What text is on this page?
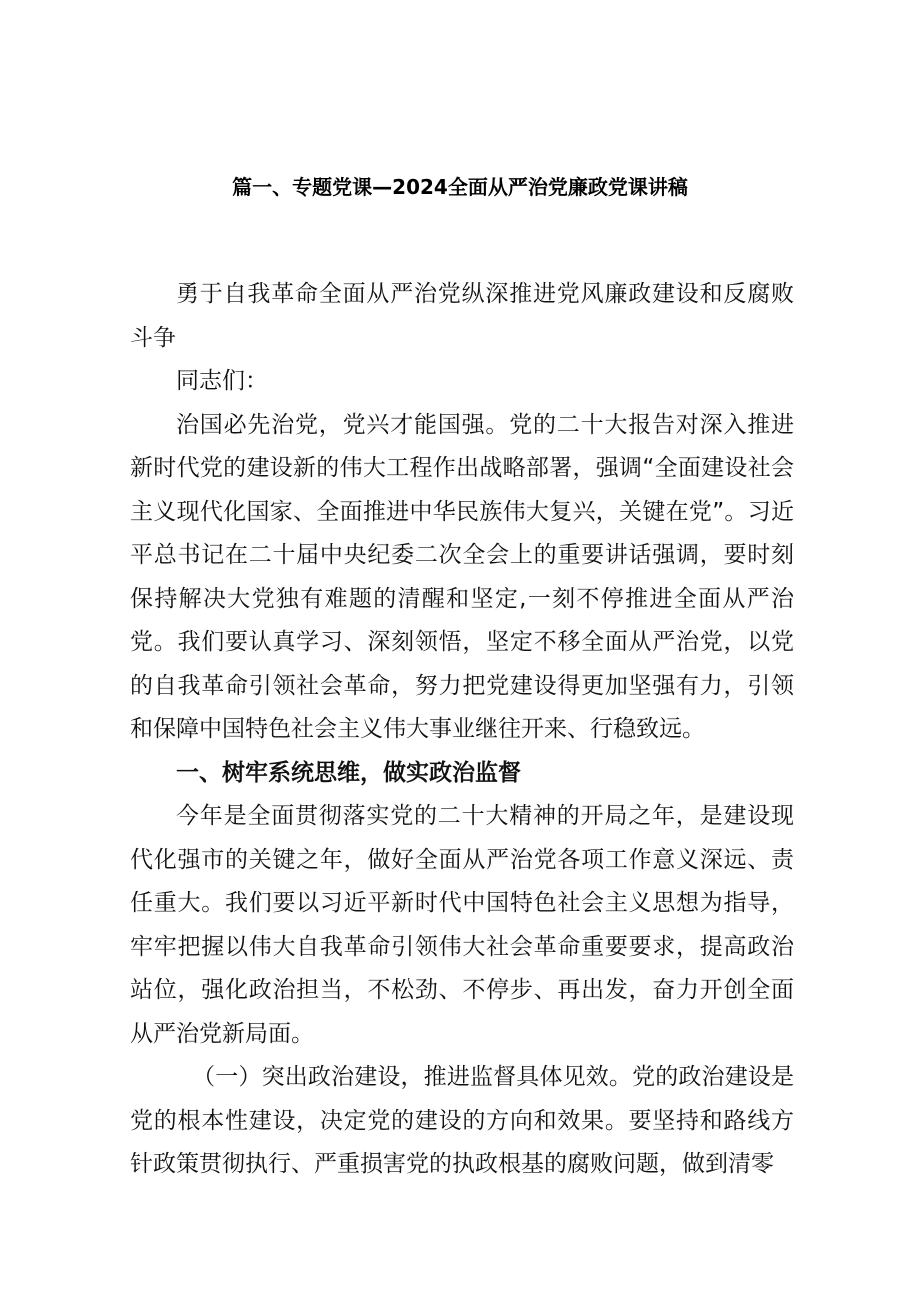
篇一、专题党课—2024全面从严治党廉政党课讲稿

勇于自我革命全面从严治党纵深推进党风廉政建设和反腐败斗争

同志们：

治国必先治党，党兴才能国强。党的二十大报告对深入推进新时代党的建设新的伟大工程作出战略部署，强调“全面建设社会主义现代化国家、全面推进中华民族伟大复兴，关键在党”。习近平总书记在二十届中央纪委二次全会上的重要讲话强调，要时刻保持解决大党独有难题的清醒和坚定,一刻不停推进全面从严治党。我们要认真学习、深刻领悟，坚定不移全面从严治党，以党的自我革命引领社会革命，努力把党建设得更加坚强有力，引领和保障中国特色社会主义伟大事业继往开来、行稳致远。

一、树牢系统思维，做实政治监督

今年是全面贯彻落实党的二十大精神的开局之年，是建设现代化强市的关键之年，做好全面从严治党各项工作意义深远、责任重大。我们要以习近平新时代中国特色社会主义思想为指导，牢牢把握以伟大自我革命引领伟大社会革命重要要求，提高政治站位，强化政治担当，不松劲、不停步、再出发，奋力开创全面从严治党新局面。

（一）突出政治建设，推进监督具体见效。党的政治建设是党的根本性建设，决定党的建设的方向和效果。要坚持和路线方针政策贯彻执行、严重损害党的执政根基的腐败问题，做到清零
